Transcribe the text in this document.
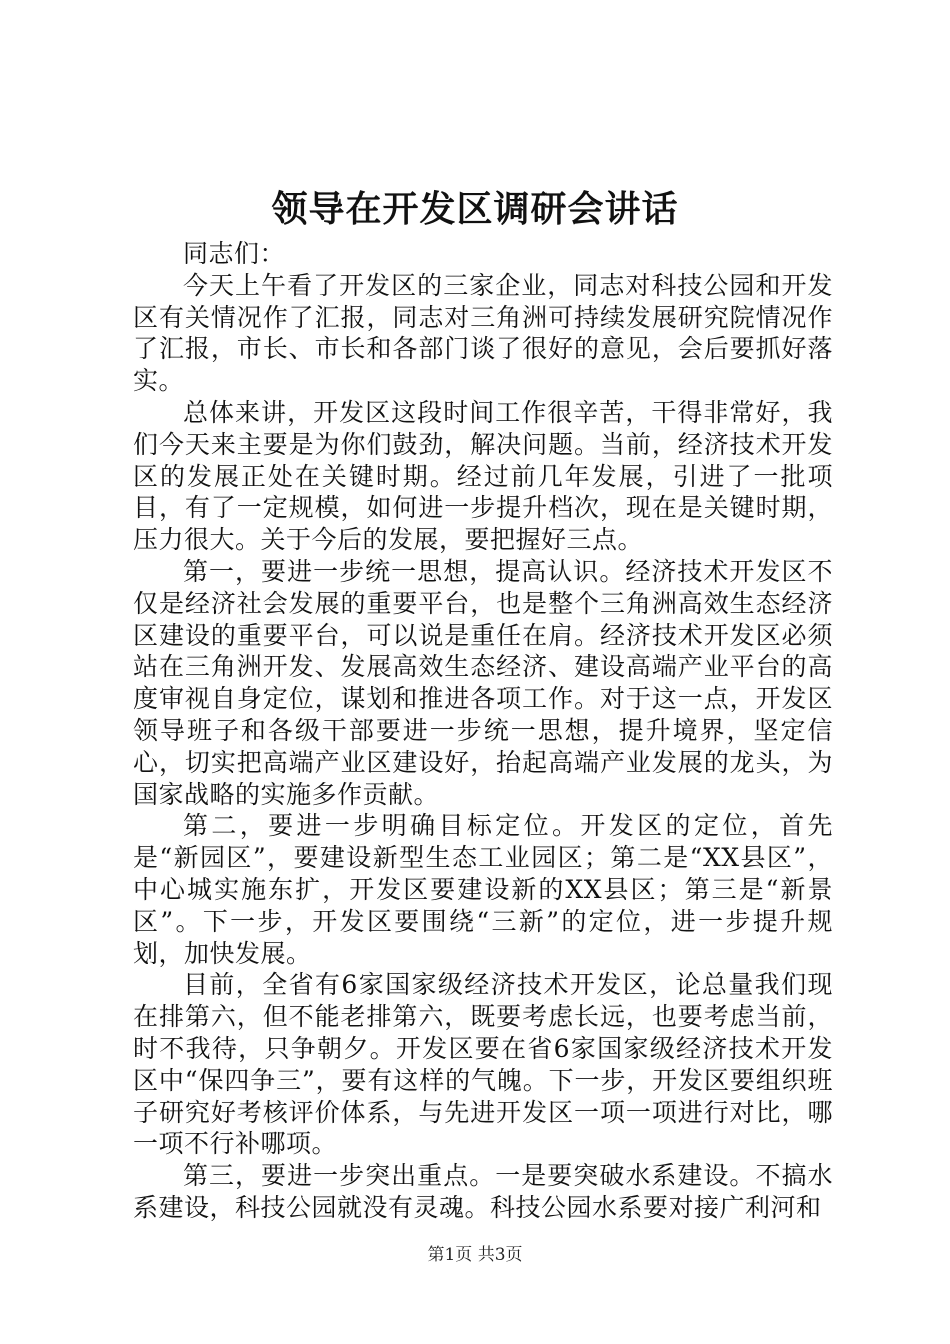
领导在开发区调研会讲话

同志们：

今天上午看了开发区的三家企业，同志对科技公园和开发区有关情况作了汇报，同志对三角洲可持续发展研究院情况作了汇报，市长、市长和各部门谈了很好的意见，会后要抓好落实。

总体来讲，开发区这段时间工作很辛苦，干得非常好，我们今天来主要是为你们鼓劲，解决问题。当前，经济技术开发区的发展正处在关键时期。经过前几年发展，引进了一批项目，有了一定规模，如何进一步提升档次，现在是关键时期，压力很大。关于今后的发展，要把握好三点。

第一，要进一步统一思想，提高认识。经济技术开发区不仅是经济社会发展的重要平台，也是整个三角洲高效生态经济区建设的重要平台，可以说是重任在肩。经济技术开发区必须站在三角洲开发、发展高效生态经济、建设高端产业平台的高度审视自身定位，谋划和推进各项工作。对于这一点，开发区领导班子和各级干部要进一步统一思想，提升境界，坚定信心，切实把高端产业区建设好，抬起高端产业发展的龙头，为国家战略的实施多作贡献。

第二，要进一步明确目标定位。开发区的定位，首先是“新园区”，要建设新型生态工业园区；第二是“XX县区”，中心城实施东扩，开发区要建设新的XX县区；第三是“新景区”。下一步，开发区要围绕“三新”的定位，进一步提升规划，加快发展。

目前，全省有6家国家级经济技术开发区，论总量我们现在排第六，但不能老排第六，既要考虑长远，也要考虑当前，时不我待，只争朝夕。开发区要在省6家国家级经济技术开发区中“保四争三”，要有这样的气魄。下一步，开发区要组织班子研究好考核评价体系，与先进开发区一项一项进行对比，哪一项不行补哪项。

第三，要进一步突出重点。一是要突破水系建设。不搞水系建设，科技公园就没有灵魂。科技公园水系要对接广利河和

第1页 共3页
